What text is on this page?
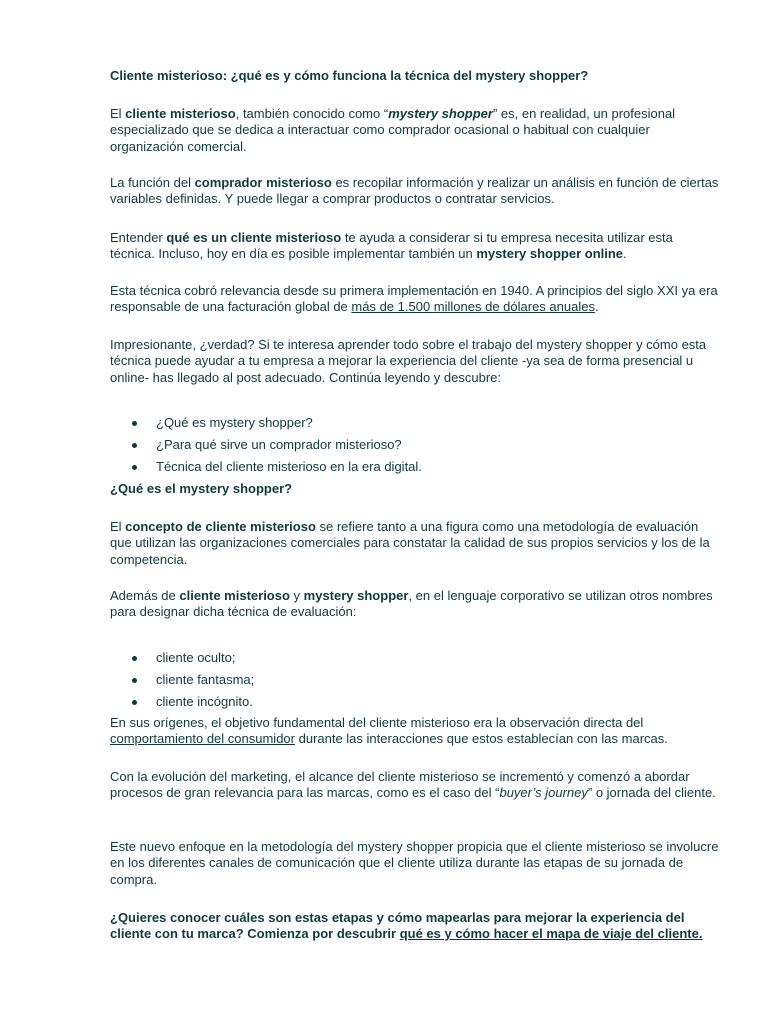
Cliente misterioso: ¿qué es y cómo funciona la técnica del mystery shopper?

El cliente misterioso, también conocido como “mystery shopper” es, en realidad, un profesional especializado que se dedica a interactuar como comprador ocasional o habitual con cualquier organización comercial.

La función del comprador misterioso es recopilar información y realizar un análisis en función de ciertas variables definidas. Y puede llegar a comprar productos o contratar servicios.

Entender qué es un cliente misterioso te ayuda a considerar si tu empresa necesita utilizar esta técnica. Incluso, hoy en día es posible implementar también un mystery shopper online.

Esta técnica cobró relevancia desde su primera implementación en 1940. A principios del siglo XXI ya era responsable de una facturación global de más de 1.500 millones de dólares anuales.

Impresionante, ¿verdad? Si te interesa aprender todo sobre el trabajo del mystery shopper y cómo esta técnica puede ayudar a tu empresa a mejorar la experiencia del cliente -ya sea de forma presencial u online- has llegado al post adecuado. Continúa leyendo y descubre:

¿Qué es mystery shopper?
¿Para qué sirve un comprador misterioso?
Técnica del cliente misterioso en la era digital.

¿Qué es el mystery shopper?

El concepto de cliente misterioso se refiere tanto a una figura como una metodología de evaluación que utilizan las organizaciones comerciales para constatar la calidad de sus propios servicios y los de la competencia.

Además de cliente misterioso y mystery shopper, en el lenguaje corporativo se utilizan otros nombres para designar dicha técnica de evaluación:

cliente oculto;
cliente fantasma;
cliente incógnito.

En sus orígenes, el objetivo fundamental del cliente misterioso era la observación directa del comportamiento del consumidor durante las interacciones que estos establecían con las marcas.

Con la evolución del marketing, el alcance del cliente misterioso se incrementó y comenzó a abordar procesos de gran relevancia para las marcas, como es el caso del “buyer’s journey” o jornada del cliente.

Este nuevo enfoque en la metodología del mystery shopper propicia que el cliente misterioso se involucre en los diferentes canales de comunicación que el cliente utiliza durante las etapas de su jornada de compra.

¿Quieres conocer cuáles son estas etapas y cómo mapearlas para mejorar la experiencia del cliente con tu marca? Comienza por descubrir qué es y cómo hacer el mapa de viaje del cliente.
